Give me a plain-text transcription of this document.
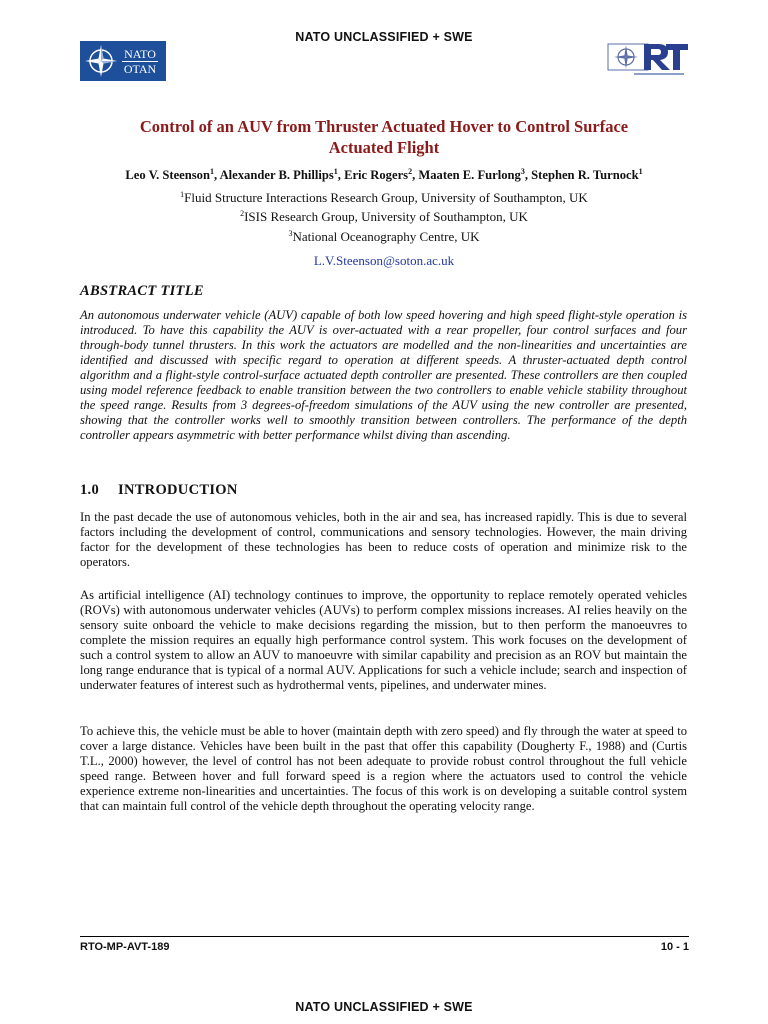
NATO UNCLASSIFIED + SWE
NATO
OTAN
Control of an AUV from Thruster Actuated Hover to Control Surface
Actuated Flight
Leo V. Steenson$^1$, Alexander B. Phillips$^1$, Eric Rogers$^2$, Maaten E. Furlong$^3$, Stephen R. Turnock$^1$
$^1$Fluid Structure Interactions Research Group, University of Southampton, UK
$^2$ISIS Research Group, University of Southampton, UK
$^3$National Oceanography Centre, UK
L.V.Steenson@soton.ac.uk
ABSTRACT TITLE
An autonomous underwater vehicle (AUV) capable of both low speed hovering and high speed flight-style operation is introduced. To have this capability the AUV is over-actuated with a rear propeller, four control surfaces and four through-body tunnel thrusters. In this work the actuators are modelled and the non-linearities and uncertainties are identified and discussed with specific regard to operation at different speeds. A thruster-actuated depth control algorithm and a flight-style control-surface actuated depth controller are presented. These controllers are then coupled using model reference feedback to enable transition between the two controllers to enable vehicle stability throughout the speed range. Results from 3 degrees-of-freedom simulations of the AUV using the new controller are presented, showing that the controller works well to smoothly transition between controllers. The performance of the depth controller appears asymmetric with better performance whilst diving than ascending.
1.0 INTRODUCTION
In the past decade the use of autonomous vehicles, both in the air and sea, has increased rapidly. This is due to several factors including the development of control, communications and sensory technologies. However, the main driving factor for the development of these technologies has been to reduce costs of operation and minimize risk to the operators.
As artificial intelligence (AI) technology continues to improve, the opportunity to replace remotely operated vehicles (ROVs) with autonomous underwater vehicles (AUVs) to perform complex missions increases. AI relies heavily on the sensory suite onboard the vehicle to make decisions regarding the mission, but to then perform the manoeuvres to complete the mission requires an equally high performance control system. This work focuses on the development of such a control system to allow an AUV to manoeuvre with similar capability and precision as an ROV but maintain the long range endurance that is typical of a normal AUV. Applications for such a vehicle include; search and inspection of underwater features of interest such as hydrothermal vents, pipelines, and underwater mines.
To achieve this, the vehicle must be able to hover (maintain depth with zero speed) and fly through the water at speed to cover a large distance. Vehicles have been built in the past that offer this capability (Dougherty F., 1988) and (Curtis T.L., 2000) however, the level of control has not been adequate to provide robust control throughout the full vehicle speed range. Between hover and full forward speed is a region where the actuators used to control the vehicle experience extreme non-linearities and uncertainties. The focus of this work is on developing a suitable control system that can maintain full control of the vehicle depth throughout the operating velocity range.
RTO-MP-AVT-189	10 - 1
NATO UNCLASSIFIED + SWE
